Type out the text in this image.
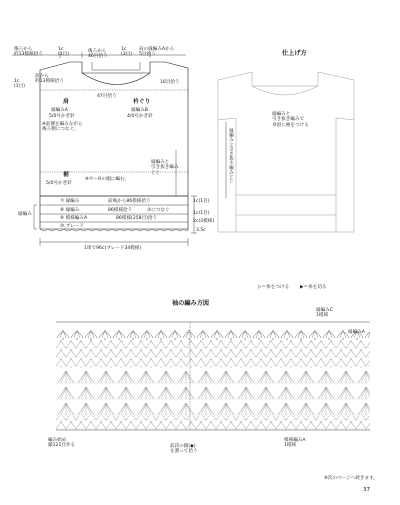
後ろから
約13模様拾う
1c
(1目)
後ろから
46目拾う
1c
(3目)
肩の縁編みAから
5目拾う
1c
(1目)
前から
約13模様拾う	16目拾う
47目拾う
肩
縁編みA
5/0号かぎ針
※前側を編みながら
後ろ側につなぐ。
衿ぐり
縁編みB
4/0号かぎ針
縁編みと
引き抜き編み
とじ
裾
5/0号かぎ針
※⑦〜⑩の順に編む。
⑦ 縁編み	前後から86模様拾う	1c(1目)
⑧ 縁編み	86模様拾う	②につなぐ
⑨ 模様編みA	86模様(258目)拾う
1c(1目)
2c(2模様)
⑩ ブレード
3.5c
縁編み
1周で96c(ブレード34模様)
仕上げ方
縁編みと
引き抜き編みで
身頃に袖をつける
縁編みと引き抜き編みとじ
▷＝糸をつける ▶＝糸を切る
袖の編み方図
縁編みC
1模様
縁編みA
編み始め
鎖121目作る	前段の鎖(◆)
を割って拾う
模様編みA
1模様
※次のページへ続きます。
37
